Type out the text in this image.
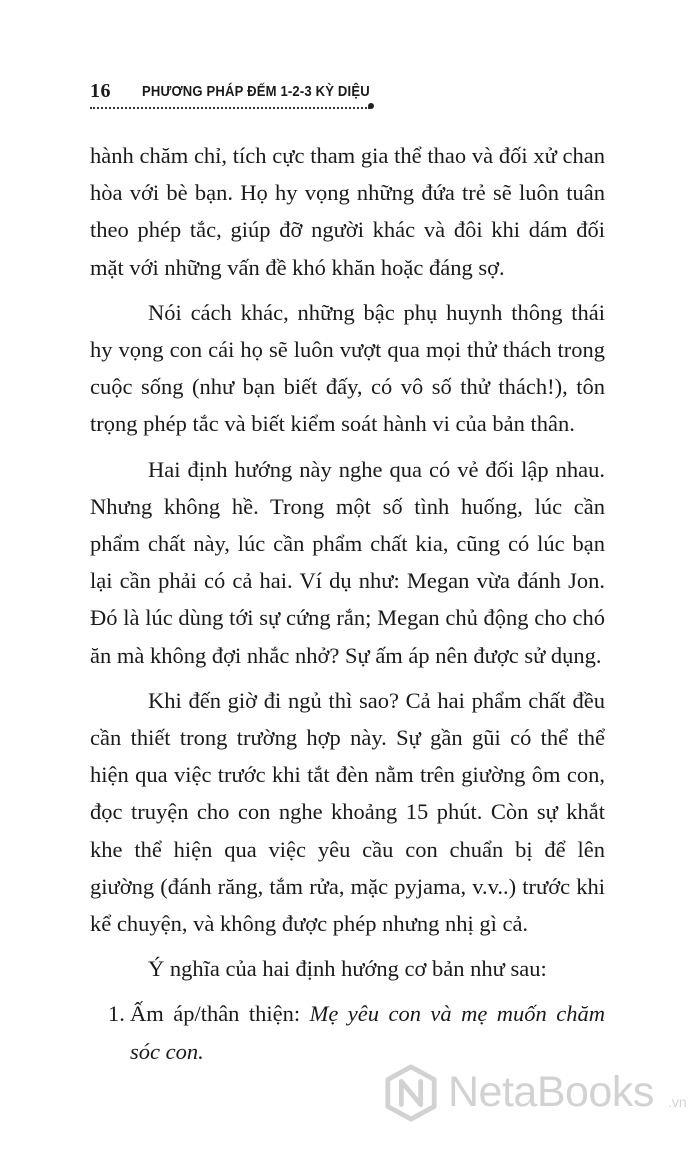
16 PHƯƠNG PHÁP ĐẾM 1-2-3 KỲ DIỆU

hành chăm chỉ, tích cực tham gia thể thao và đối xử chan hòa với bè bạn. Họ hy vọng những đứa trẻ sẽ luôn tuân theo phép tắc, giúp đỡ người khác và đôi khi dám đối mặt với những vấn đề khó khăn hoặc đáng sợ.

Nói cách khác, những bậc phụ huynh thông thái hy vọng con cái họ sẽ luôn vượt qua mọi thử thách trong cuộc sống (như bạn biết đấy, có vô số thử thách!), tôn trọng phép tắc và biết kiểm soát hành vi của bản thân.

Hai định hướng này nghe qua có vẻ đối lập nhau. Nhưng không hề. Trong một số tình huống, lúc cần phẩm chất này, lúc cần phẩm chất kia, cũng có lúc bạn lại cần phải có cả hai. Ví dụ như: Megan vừa đánh Jon. Đó là lúc dùng tới sự cứng rắn; Megan chủ động cho chó ăn mà không đợi nhắc nhở? Sự ấm áp nên được sử dụng.

Khi đến giờ đi ngủ thì sao? Cả hai phẩm chất đều cần thiết trong trường hợp này. Sự gần gũi có thể thể hiện qua việc trước khi tắt đèn nằm trên giường ôm con, đọc truyện cho con nghe khoảng 15 phút. Còn sự khắt khe thể hiện qua việc yêu cầu con chuẩn bị để lên giường (đánh răng, tắm rửa, mặc pyjama, v.v..) trước khi kể chuyện, và không được phép nhưng nhị gì cả.

Ý nghĩa của hai định hướng cơ bản như sau:

1. Ấm áp/thân thiện: Mẹ yêu con và mẹ muốn chăm sóc con.
NetaBooks .vn
